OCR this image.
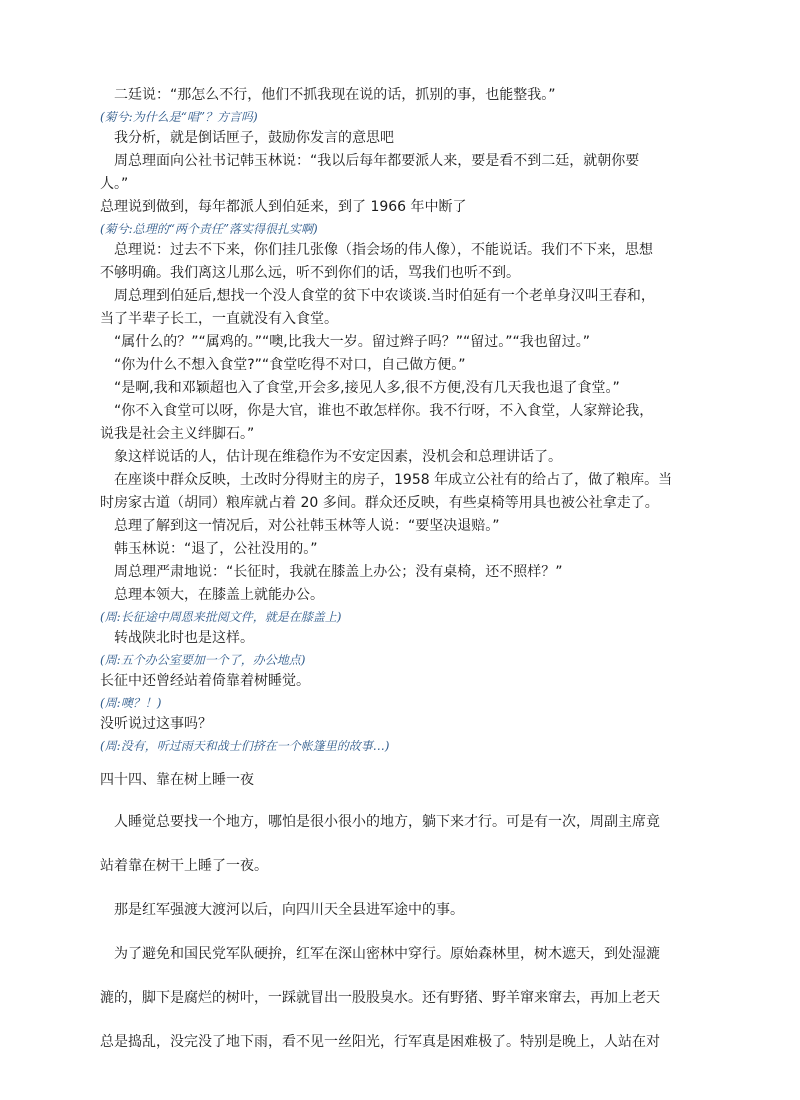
　二廷说：“那怎么不行，他们不抓我现在说的话，抓别的事，也能整我。”
(菊兮:为什么是“唱”？方言吗)
　我分析，就是倒话匣子，鼓励你发言的意思吧
　周总理面向公社书记韩玉林说：“我以后每年都要派人来，要是看不到二廷，就朝你要
人。”
总理说到做到，每年都派人到伯延来，到了 1966 年中断了
(菊兮:总理的“两个责任”落实得很扎实啊)
　总理说：过去不下来，你们挂几张像（指会场的伟人像），不能说话。我们不下来，思想
不够明确。我们离这儿那么远，听不到你们的话，骂我们也听不到。
　周总理到伯延后,想找一个没人食堂的贫下中农谈谈.当时伯延有一个老单身汉叫王春和，
当了半辈子长工，一直就没有入食堂。
　“属什么的？”“属鸡的。”“噢,比我大一岁。留过辫子吗？”“留过。”“我也留过。”
　“你为什么不想入食堂?”“食堂吃得不对口，自己做方便。”
　“是啊,我和邓颖超也入了食堂,开会多,接见人多,很不方便,没有几天我也退了食堂。”
　“你不入食堂可以呀，你是大官，谁也不敢怎样你。我不行呀，不入食堂，人家辩论我，
说我是社会主义绊脚石。”
　象这样说话的人，估计现在维稳作为不安定因素，没机会和总理讲话了。
　在座谈中群众反映，土改时分得财主的房子，1958 年成立公社有的给占了，做了粮库。当
时房家古道（胡同）粮库就占着 20 多间。群众还反映，有些桌椅等用具也被公社拿走了。
　总理了解到这一情况后，对公社韩玉林等人说：“要坚决退赔。”
　韩玉林说：“退了，公社没用的。”
　周总理严肃地说：“长征时，我就在膝盖上办公；没有桌椅，还不照样？”
　总理本领大，在膝盖上就能办公。
(周:长征途中周恩来批阅文件，就是在膝盖上)
　转战陕北时也是这样。
(周:五个办公室要加一个了，办公地点)
长征中还曾经站着倚靠着树睡觉。
(周:噢？！)
没听说过这事吗？
(周:没有，听过雨天和战士们挤在一个帐篷里的故事…)
四十四、靠在树上睡一夜
　人睡觉总要找一个地方，哪怕是很小很小的地方，躺下来才行。可是有一次，周副主席竟
站着靠在树干上睡了一夜。
　那是红军强渡大渡河以后，向四川天全县进军途中的事。
　为了避免和国民党军队硬拚，红军在深山密林中穿行。原始森林里，树木遮天，到处湿漉
漉的，脚下是腐烂的树叶，一踩就冒出一股股臭水。还有野猪、野羊窜来窜去，再加上老天
总是捣乱，没完没了地下雨，看不见一丝阳光，行军真是困难极了。特别是晚上，人站在对
